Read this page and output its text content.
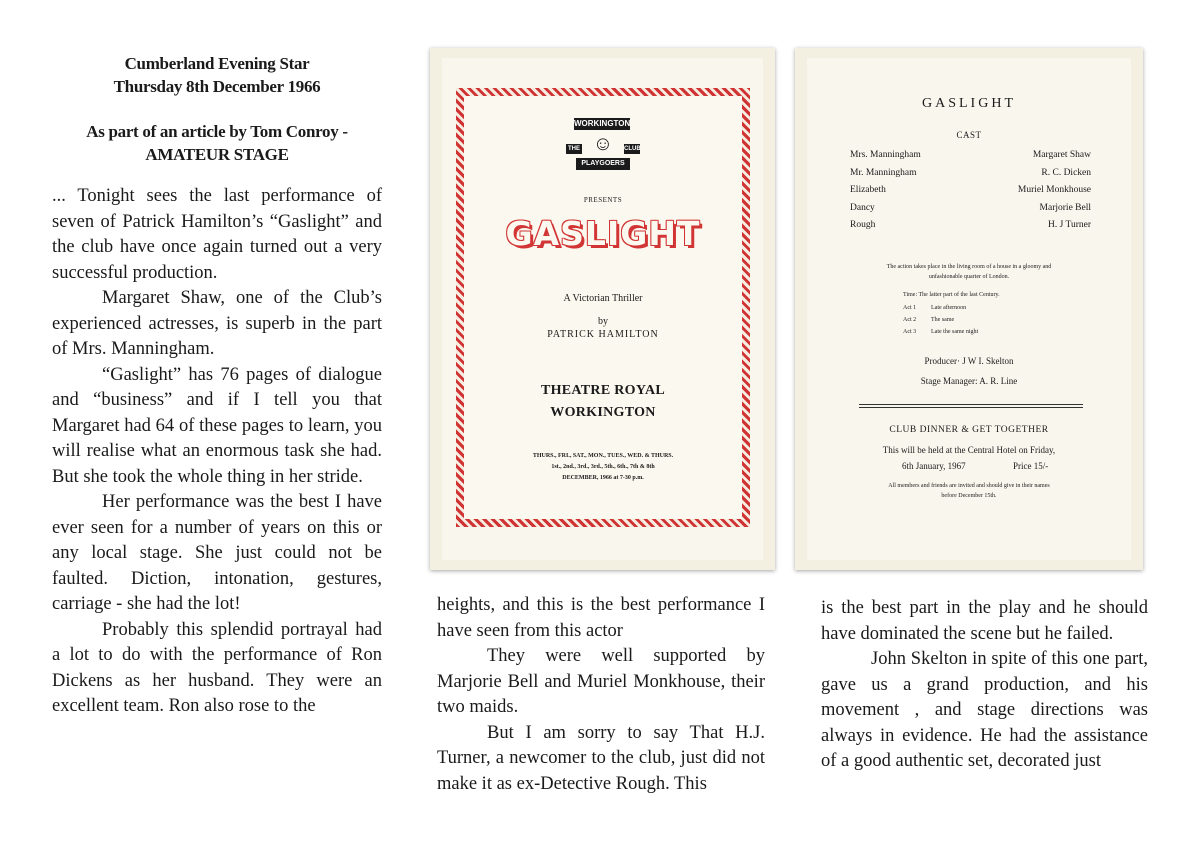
Cumberland Evening Star
Thursday 8th December 1966
As part of an article by Tom Conroy -
AMATEUR STAGE

... Tonight sees the last performance of seven of Patrick Hamilton’s “Gaslight” and the club have once again turned out a very successful production.

Margaret Shaw, one of the Club’s experienced actresses, is superb in the part of Mrs. Manningham.

“Gaslight” has 76 pages of dialogue and “business” and if I tell you that Margaret had 64 of these pages to learn, you will realise what an enormous task she had. But she took the whole thing in her stride.

Her performance was the best I have ever seen for a number of years on this or any local stage. She just could not be faulted. Diction, intonation, gestures, carriage - she had the lot!

Probably this splendid portrayal had a lot to do with the performance of Ron Dickens as her husband. They were an excellent team. Ron also rose to the

WORKINGTON
☺
THE	CLUB
PLAYGOERS
PRESENTS
GASLIGHT
A Victorian Thriller
by
PATRICK HAMILTON
THEATRE ROYAL
WORKINGTON
THURS., FRI., SAT., MON., TUES., WED. & THURS.
1st., 2nd., 3rd., 3rd., 5th., 6th., 7th & 8th
DECEMBER, 1966 at 7-30 p.m.
GASLIGHT
CAST
Mrs. Manningham	Margaret Shaw
Mr. Manningham	R. C. Dicken
Elizabeth	Muriel Monkhouse
Dancy	Marjorie Bell
Rough	H. J Turner
The action takes place in the living room of a house in a gloomy and
unfashionable quarter of London.
Time: The latter part of the last Century.
Act 1	Late afternoon
Act 2	The same
Act 3	Late the same night
Producer· J W I. Skelton
Stage Manager: A. R. Line
CLUB DINNER & GET TOGETHER
This will be held at the Central Hotel on Friday,
6th January, 1967	Price 15/-
All members and friends are invited and should give in their names
before December 15th.

heights, and this is the best performance I have seen from this actor

They were well supported by Marjorie Bell and Muriel Monkhouse, their two maids.

But I am sorry to say That H.J. Turner, a newcomer to the club, just did not make it as ex-Detective Rough. This

is the best part in the play and he should have dominated the scene but he failed.

John Skelton in spite of this one part, gave us a grand production, and his movement , and stage directions was always in evidence. He had the assistance of a good authentic set, decorated just
